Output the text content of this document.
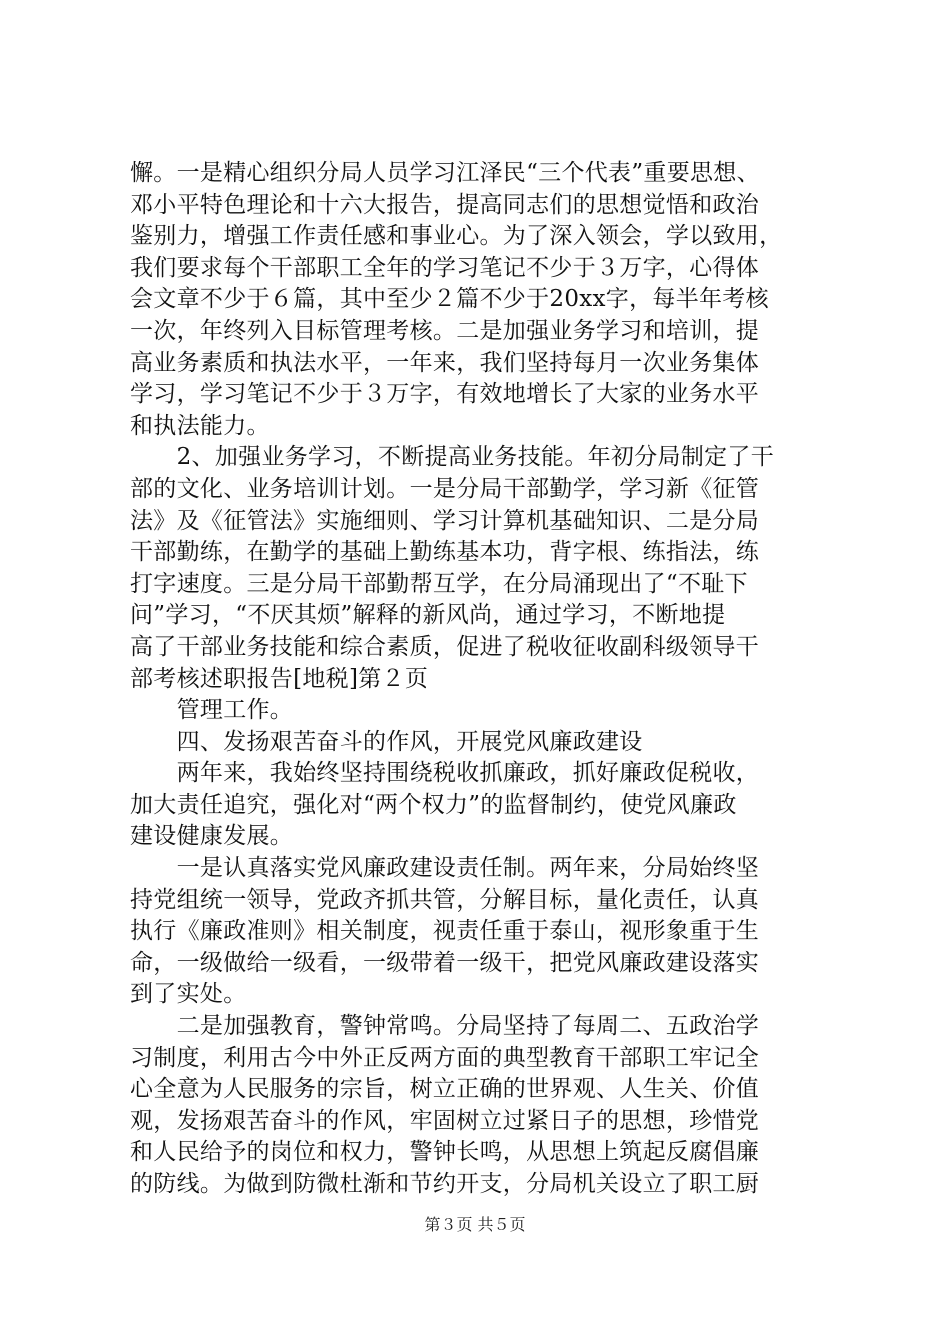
懈。一是精心组织分局人员学习江泽民“三个代表”重要思想、
邓小平特色理论和十六大报告，提高同志们的思想觉悟和政治
鉴别力，增强工作责任感和事业心。为了深入领会，学以致用，
我们要求每个干部职工全年的学习笔记不少于３万字，心得体
会文章不少于６篇，其中至少２篇不少于20xx字，每半年考核
一次，年终列入目标管理考核。二是加强业务学习和培训，提
高业务素质和执法水平，一年来，我们坚持每月一次业务集体
学习，学习笔记不少于３万字，有效地增长了大家的业务水平
和执法能力。
　　2、加强业务学习，不断提高业务技能。年初分局制定了干
部的文化、业务培训计划。一是分局干部勤学，学习新《征管
法》及《征管法》实施细则、学习计算机基础知识、二是分局
干部勤练，在勤学的基础上勤练基本功，背字根、练指法，练
打字速度。三是分局干部勤帮互学，在分局涌现出了“不耻下
问”学习，“不厌其烦”解释的新风尚，通过学习，不断地提
高了干部业务技能和综合素质，促进了税收征收副科级领导干
部考核述职报告[地税]第２页
　　管理工作。
　　四、发扬艰苦奋斗的作风，开展党风廉政建设
　　两年来，我始终坚持围绕税收抓廉政，抓好廉政促税收，
加大责任追究，强化对“两个权力”的监督制约，使党风廉政
建设健康发展。
　　一是认真落实党风廉政建设责任制。两年来，分局始终坚
持党组统一领导，党政齐抓共管，分解目标，量化责任，认真
执行《廉政准则》相关制度，视责任重于泰山，视形象重于生
命，一级做给一级看，一级带着一级干，把党风廉政建设落实
到了实处。
　　二是加强教育，警钟常鸣。分局坚持了每周二、五政治学
习制度，利用古今中外正反两方面的典型教育干部职工牢记全
心全意为人民服务的宗旨，树立正确的世界观、人生关、价值
观，发扬艰苦奋斗的作风，牢固树立过紧日子的思想，珍惜党
和人民给予的岗位和权力，警钟长鸣，从思想上筑起反腐倡廉
的防线。为做到防微杜渐和节约开支，分局机关设立了职工厨
第３页 共５页
